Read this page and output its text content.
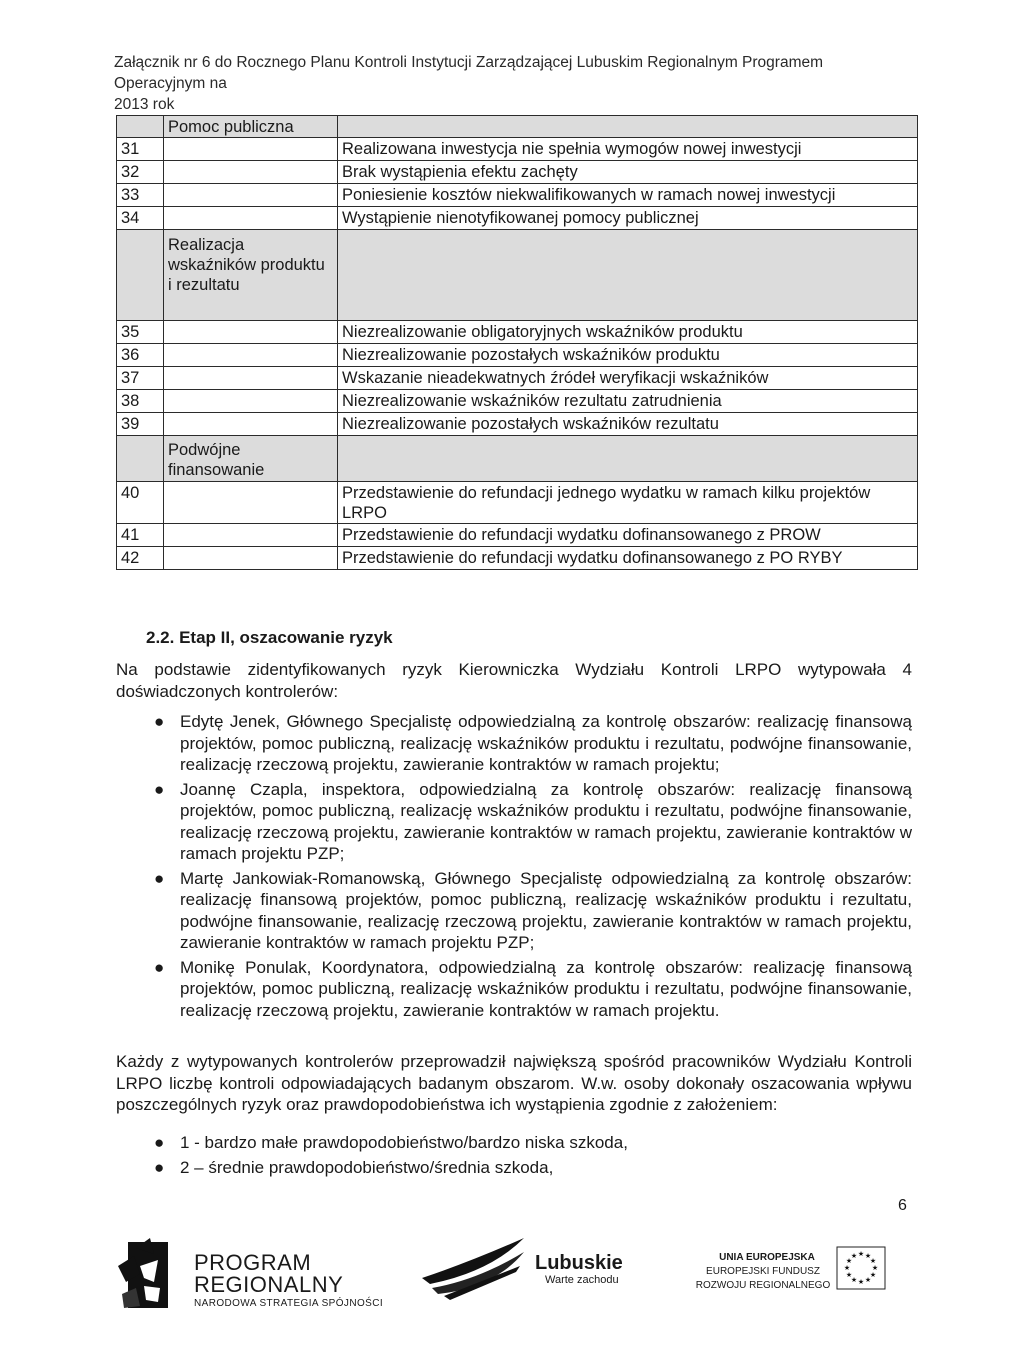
Załącznik nr 6 do Rocznego Planu Kontroli Instytucji Zarządzającej Lubuskim Regionalnym Programem Operacyjnym na
2013 rok
	Pomoc publiczna	
31		Realizowana inwestycja nie spełnia wymogów nowej inwestycji
32		Brak wystąpienia efektu zachęty
33		Poniesienie kosztów niekwalifikowanych w ramach nowej inwestycji
34		Wystąpienie nienotyfikowanej pomocy publicznej
	Realizacja wskaźników produktu i rezultatu	
35		Niezrealizowanie obligatoryjnych wskaźników produktu
36		Niezrealizowanie pozostałych wskaźników produktu
37		Wskazanie nieadekwatnych źródeł weryfikacji wskaźników
38		Niezrealizowanie wskaźników rezultatu zatrudnienia
39		Niezrealizowanie pozostałych wskaźników rezultatu
	Podwójne finansowanie	
40		Przedstawienie do refundacji jednego wydatku w ramach kilku projektów LRPO
41		Przedstawienie do refundacji wydatku dofinansowanego z PROW
42		Przedstawienie do refundacji wydatku dofinansowanego z PO RYBY
2.2. Etap II, oszacowanie ryzyk
Na podstawie zidentyfikowanych ryzyk Kierowniczka Wydziału Kontroli LRPO wytypowała 4 doświadczonych kontrolerów:
● Edytę Jenek, Głównego Specjalistę odpowiedzialną za kontrolę obszarów: realizację finansową projektów, pomoc publiczną, realizację wskaźników produktu i rezultatu, podwójne finansowanie, realizację rzeczową projektu, zawieranie kontraktów w ramach projektu;
● Joannę Czapla, inspektora, odpowiedzialną za kontrolę obszarów: realizację finansową projektów, pomoc publiczną, realizację wskaźników produktu i rezultatu, podwójne finansowanie, realizację rzeczową projektu, zawieranie kontraktów w ramach projektu, zawieranie kontraktów w ramach projektu PZP;
● Martę Jankowiak-Romanowską, Głównego Specjalistę odpowiedzialną za kontrolę obszarów: realizację finansową projektów, pomoc publiczną, realizację wskaźników produktu i rezultatu, podwójne finansowanie, realizację rzeczową projektu, zawieranie kontraktów w ramach projektu, zawieranie kontraktów w ramach projektu PZP;
● Monikę Ponulak, Koordynatora, odpowiedzialną za kontrolę obszarów: realizację finansową projektów, pomoc publiczną, realizację wskaźników produktu i rezultatu, podwójne finansowanie, realizację rzeczową projektu, zawieranie kontraktów w ramach projektu.
Każdy z wytypowanych kontrolerów przeprowadził największą spośród pracowników Wydziału Kontroli LRPO liczbę kontroli odpowiadających badanym obszarom. W.w. osoby dokonały oszacowania wpływu poszczególnych ryzyk oraz prawdopodobieństwa ich wystąpienia zgodnie z założeniem:
● 1 - bardzo małe prawdopodobieństwo/bardzo niska szkoda,
● 2 – średnie prawdopodobieństwo/średnia szkoda,
6
PROGRAM
REGIONALNY
NARODOWA STRATEGIA SPÓJNOŚCI
Lubuskie
Warte zachodu
UNIA EUROPEJSKA
EUROPEJSKI FUNDUSZ
ROZWOJU REGIONALNEGO
★ ★
★
★
★
★
★
★
★
★
★
★
